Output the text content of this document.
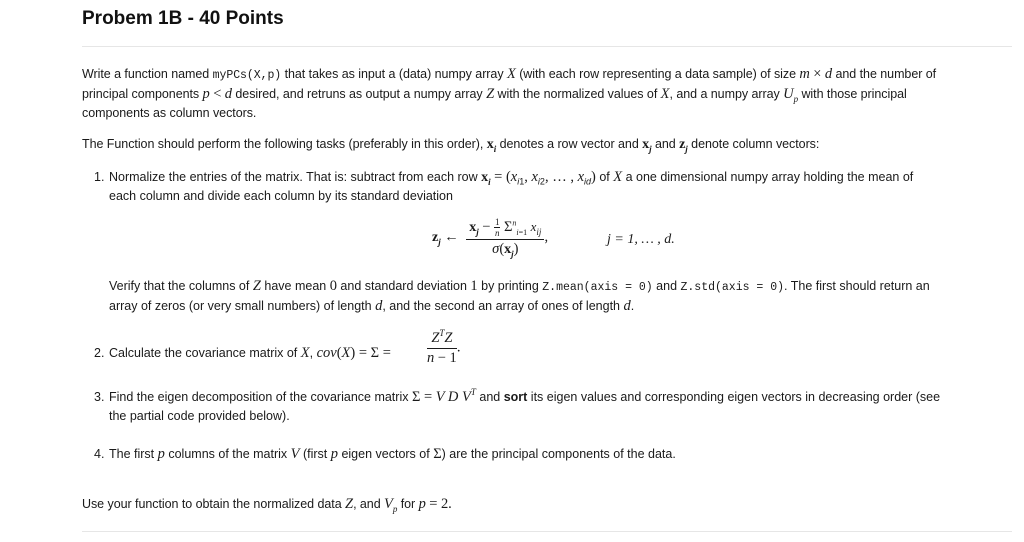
Probem 1B - 40 Points
Write a function named myPCs(X,p) that takes as input a (data) numpy array X (with each row representing a data sample) of size m × d and the number of
principal components p < d desired, and retruns as output a numpy array Z with the normalized values of X, and a numpy array $U_p$ with those principal
components as column vectors.
The Function should perform the following tasks (preferably in this order), $x_i$ denotes a row vector and $x_j$ and $z_j$ denote column vectors:
1. Normalize the entries of the matrix. That is: subtract from each row $x_i = (x_{i1}$, $x_{i2}$, … , $x_{id}$) of X a one dimensional numpy array holding the mean of
each column and divide each column by its standard deviation
$z_j$ ← $\frac{x_j - \frac{1}{n} \Sigma^n_{i=1} x_{ij}}{\sigma(x_j)}$ ,	j = 1, … , d.
Verify that the columns of Z have mean 0 and standard deviation 1 by printing Z.mean(axis = 0) and Z.std(axis = 0). The first should return an
array of zeros (or very small numbers) of length d, and the second an array of ones of length d.
2. Calculate the covariance matrix of X, $cov(X) = \Sigma = \frac{Z^TZ}{n - 1}$ .
3. Find the eigen decomposition of the covariance matrix Σ = V D $V^T$ and sort its eigen values and corresponding eigen vectors in decreasing order (see
the partial code provided below).
4. The first p columns of the matrix V (first p eigen vectors of Σ) are the principal components of the data.
Use your function to obtain the normalized data Z, and $V_p$ for p = 2.
